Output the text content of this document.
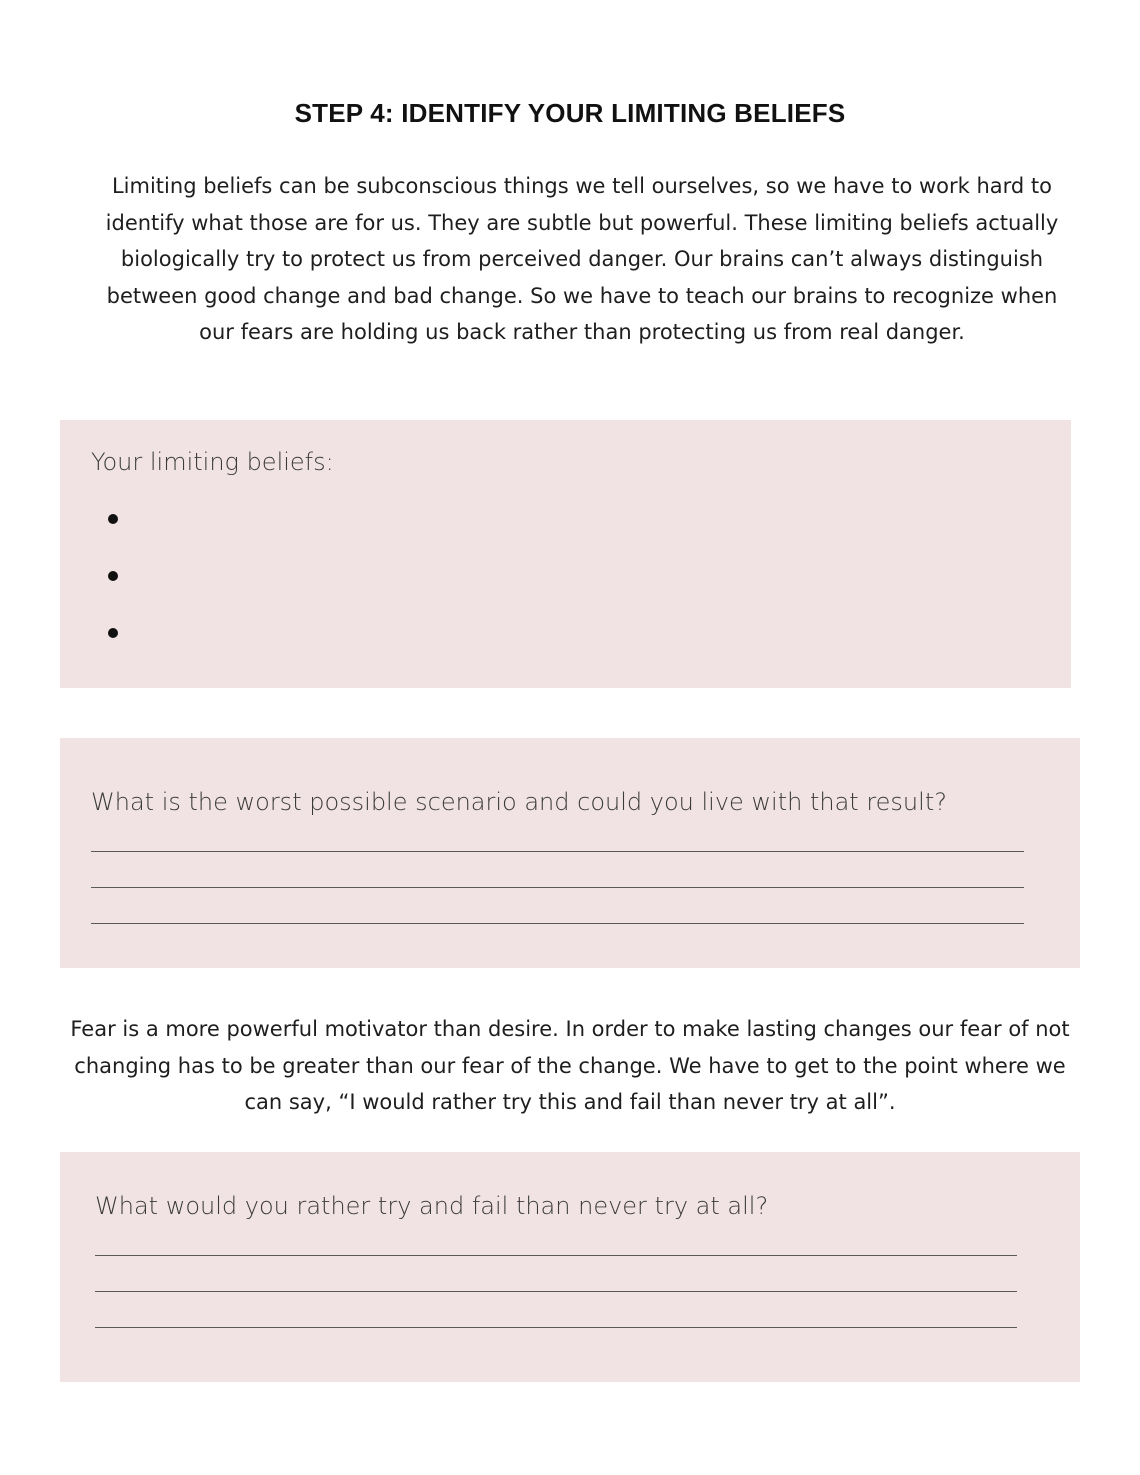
STEP 4: IDENTIFY YOUR LIMITING BELIEFS
Limiting beliefs can be subconscious things we tell ourselves, so we have to work hard to identify what those are for us. They are subtle but powerful. These limiting beliefs actually biologically try to protect us from perceived danger. Our brains can’t always distinguish between good change and bad change. So we have to teach our brains to recognize when our fears are holding us back rather than protecting us from real danger.
Your limiting beliefs:
What is the worst possible scenario and could you live with that result?
Fear is a more powerful motivator than desire. In order to make lasting changes our fear of not changing has to be greater than our fear of the change. We have to get to the point where we can say, “I would rather try this and fail than never try at all”.
What would you rather try and fail than never try at all?
